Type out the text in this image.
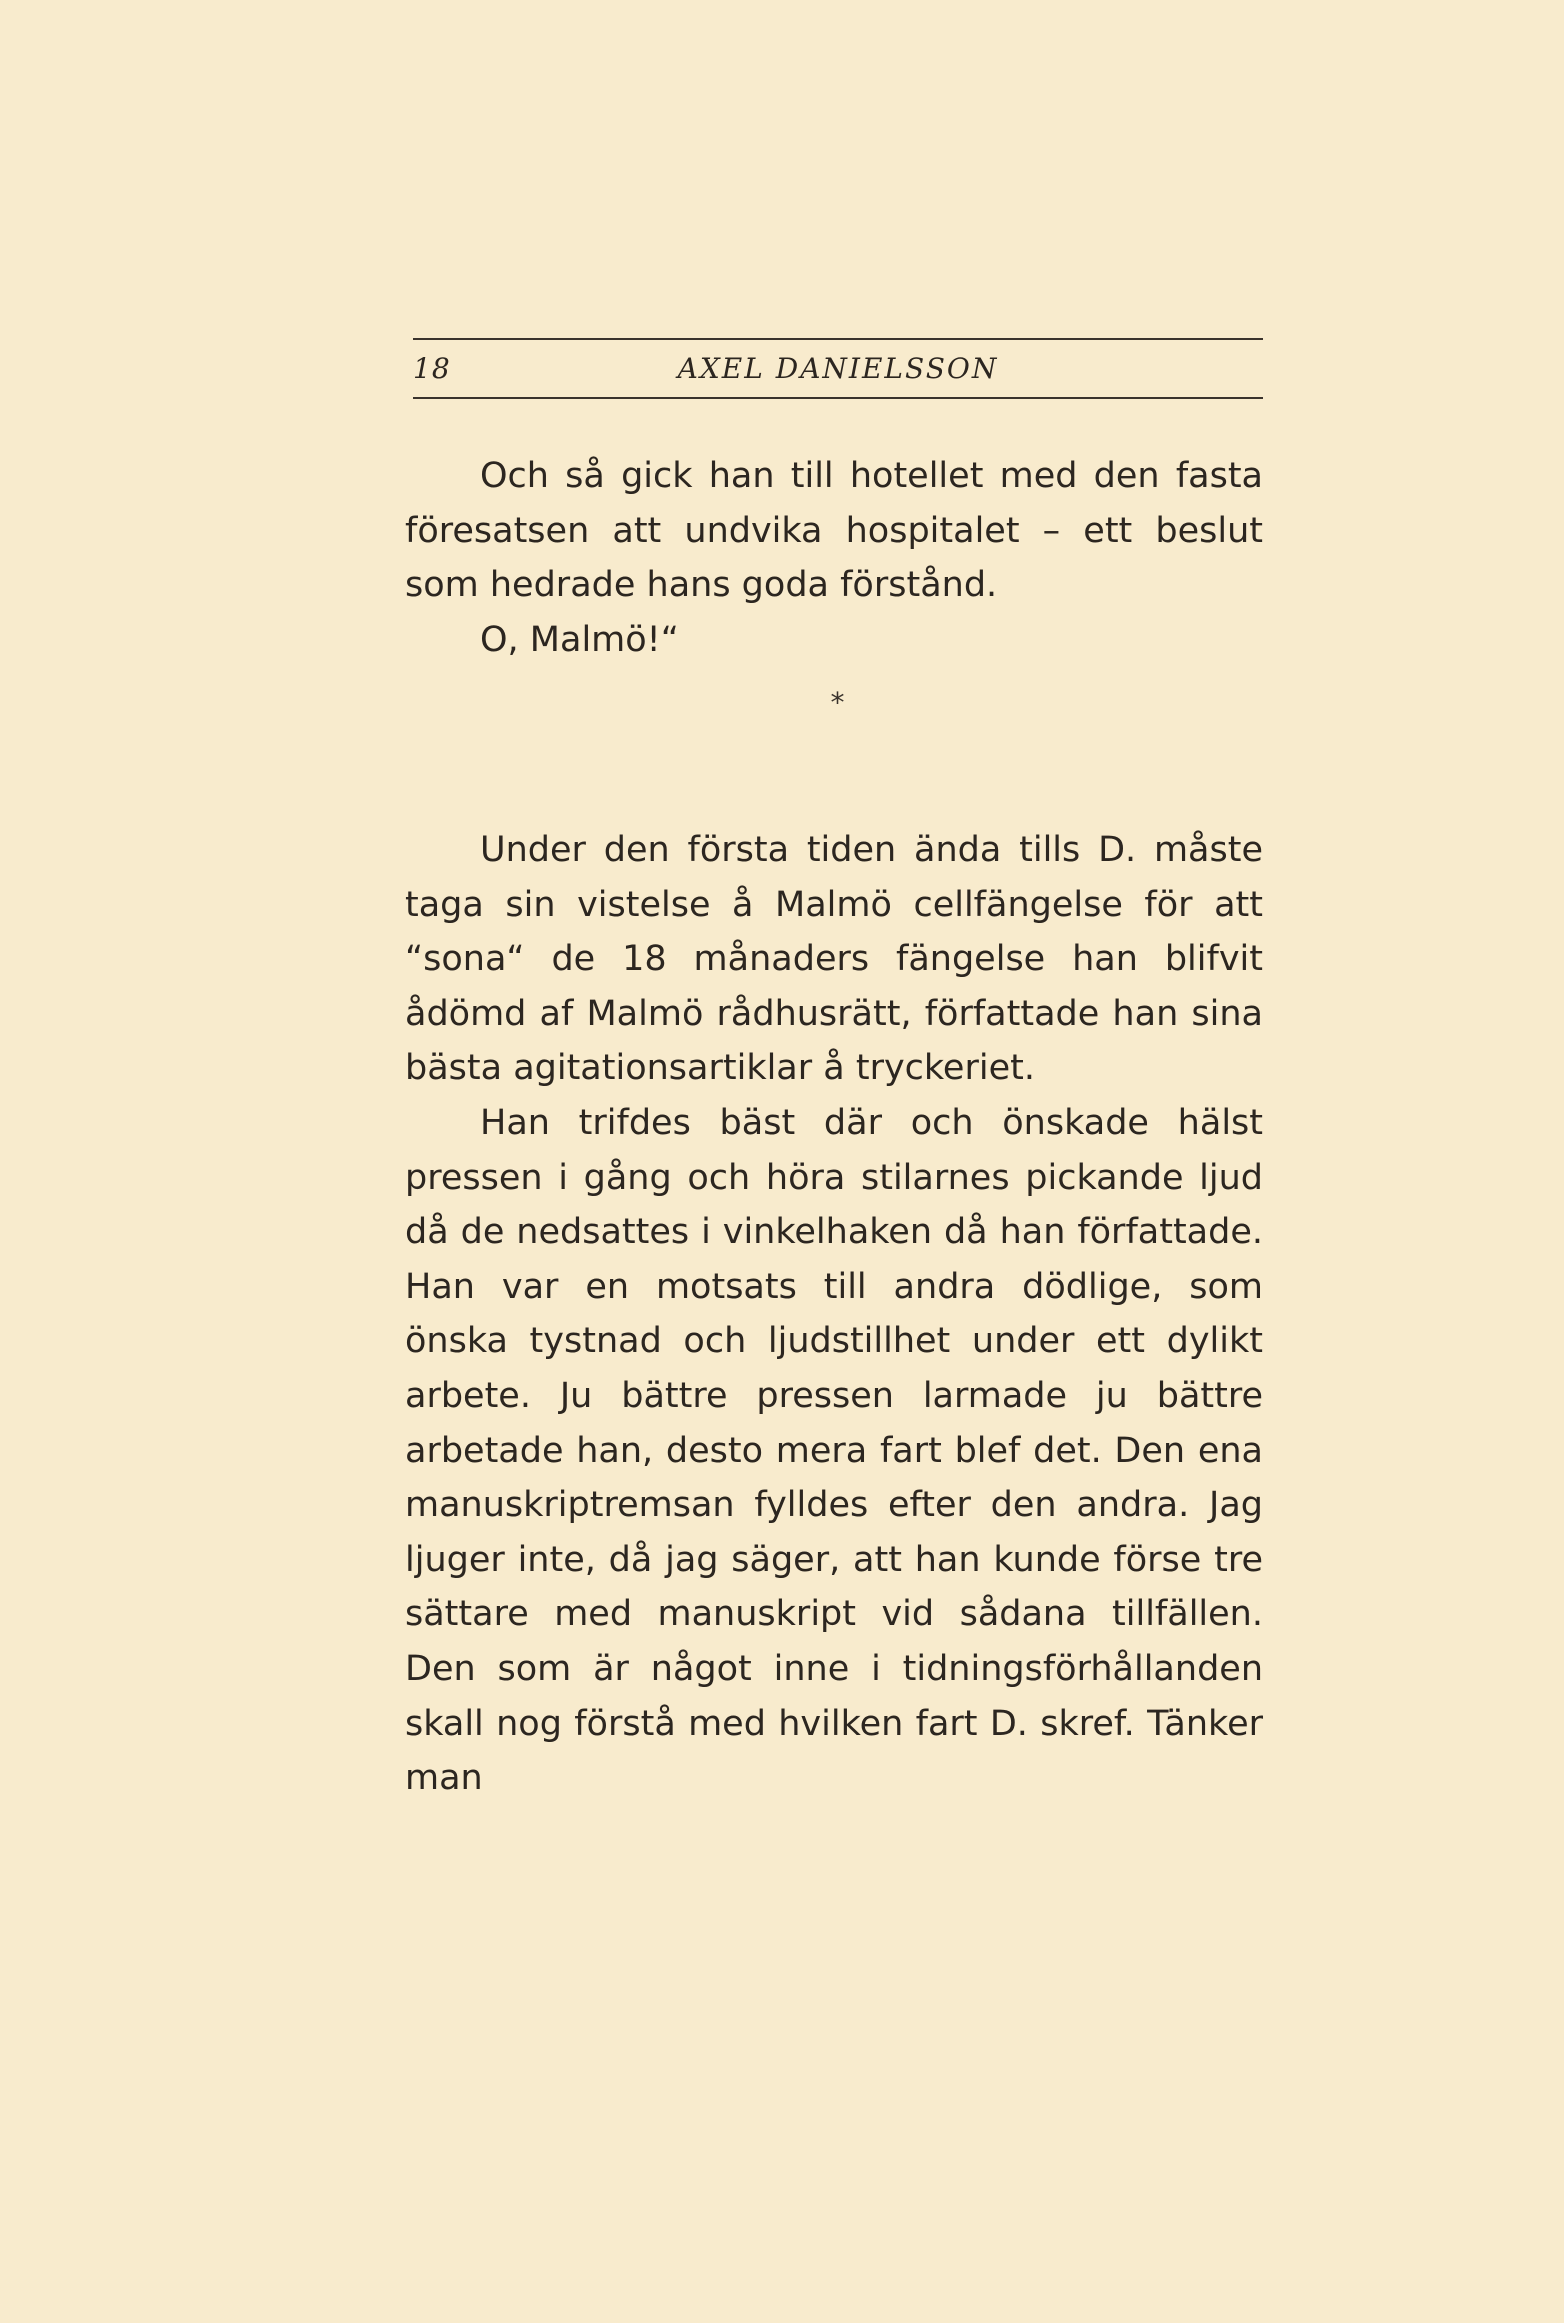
18	AXEL DANIELSSON

Och så gick han till hotellet med den fasta föresatsen att undvika hospitalet – ett beslut som hedrade hans goda förstånd.

O, Malmö!“

*

Under den första tiden ända tills D. måste taga sin vistelse å Malmö cellfängelse för att “sona“ de 18 månaders fängelse han blifvit ådömd af Malmö rådhusrätt, författade han sina bästa agitationsartiklar å tryckeriet.

Han trifdes bäst där och önskade hälst pressen i gång och höra stilarnes pickande ljud då de nedsattes i vinkelhaken då han författade. Han var en motsats till andra dödlige, som önska tystnad och ljudstillhet under ett dylikt arbete. Ju bättre pressen larmade ju bättre arbetade han, desto mera fart blef det. Den ena manuskriptremsan fylldes efter den andra. Jag ljuger inte, då jag säger, att han kunde förse tre sättare med manuskript vid sådana tillfällen. Den som är något inne i tidningsförhållanden skall nog förstå med hvilken fart D. skref. Tänker man
